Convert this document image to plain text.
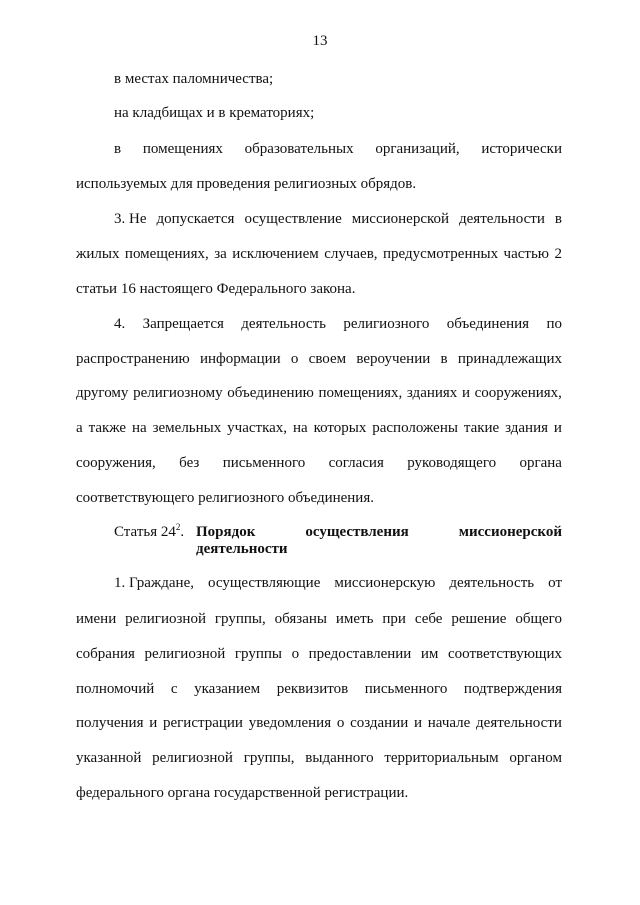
13
в местах паломничества;
на кладбищах и в крематориях;
в помещениях образовательных организаций, исторически
используемых для проведения религиозных обрядов.
3. Не допускается осуществление миссионерской деятельности в
жилых помещениях, за исключением случаев, предусмотренных частью 2
статьи 16 настоящего Федерального закона.
4. Запрещается деятельность религиозного объединения по
распространению информации о своем вероучении в принадлежащих
другому религиозному объединению помещениях, зданиях и сооружениях,
а также на земельных участках, на которых расположены такие здания и
сооружения, без письменного согласия руководящего органа
соответствующего религиозного объединения.
Статья $24^2$. Порядок	осуществления	миссионерской
деятельности
1. Граждане, осуществляющие миссионерскую деятельность от
имени религиозной группы, обязаны иметь при себе решение общего
собрания религиозной группы о предоставлении им соответствующих
полномочий с указанием реквизитов письменного подтверждения
получения и регистрации уведомления о создании и начале деятельности
указанной религиозной группы, выданного территориальным органом
федерального органа государственной регистрации.
